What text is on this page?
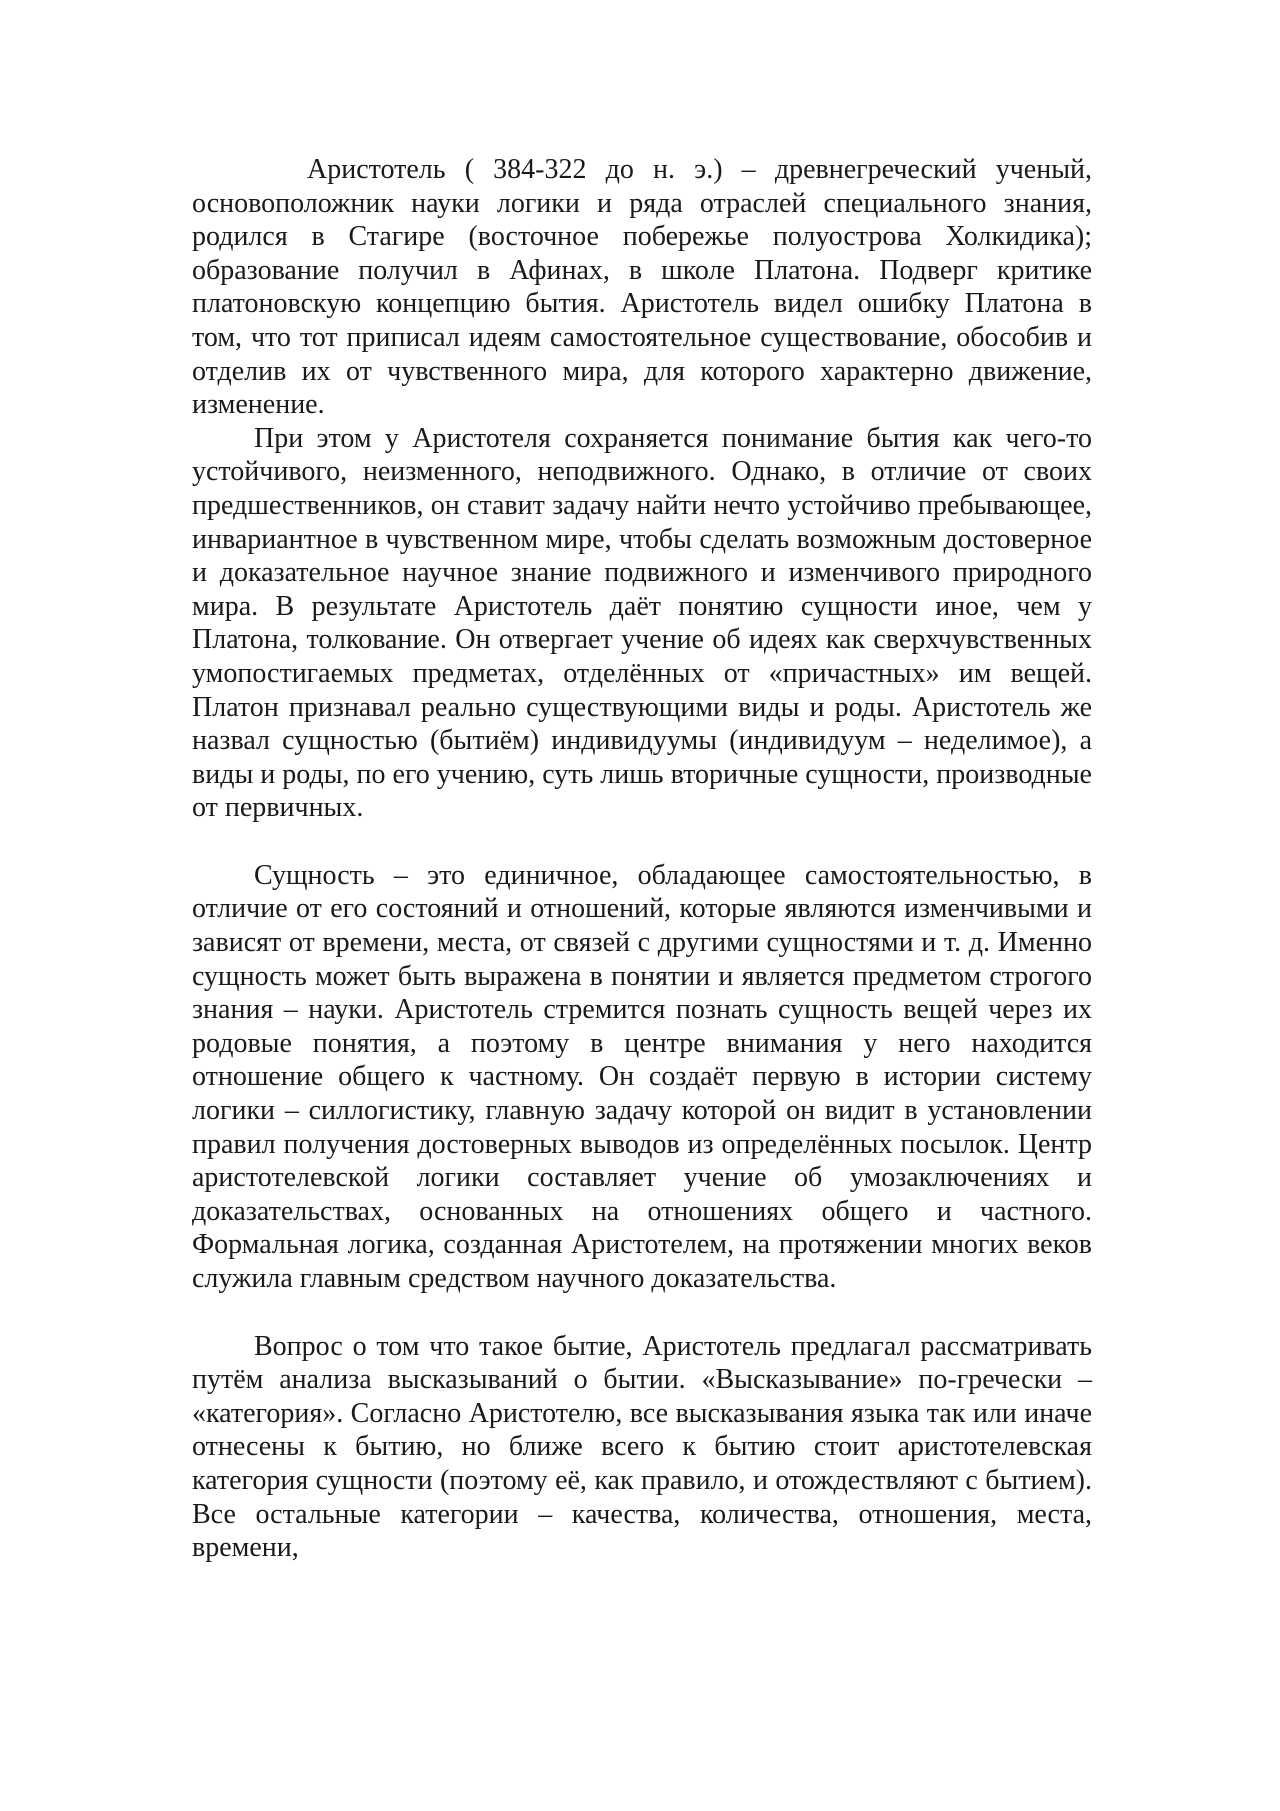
Аристотель ( 384-322 до н. э.) – древнегреческий ученый, основоположник науки логики и ряда отраслей специального знания, родился в Стагире (восточное побережье полуострова Холкидика); образование получил в Афинах, в школе Платона. Подверг критике платоновскую концепцию бытия. Аристотель видел ошибку Платона в том, что тот приписал идеям самостоятельное существование, обособив и отделив их от чувственного мира, для которого характерно движение, изменение.

При этом у Аристотеля сохраняется понимание бытия как чего-то устойчивого, неизменного, неподвижного. Однако, в отличие от своих предшественников, он ставит задачу найти нечто устойчиво пребывающее, инвариантное в чувственном мире, чтобы сделать возможным достоверное и доказательное научное знание подвижного и изменчивого природного мира. В результате Аристотель даёт понятию сущности иное, чем у Платона, толкование. Он отвергает учение об идеях как сверхчувственных умопостигаемых предметах, отделённых от «причастных» им вещей. Платон признавал реально существующими виды и роды. Аристотель же назвал сущностью (бытиём) индивидуумы (индивидуум – неделимое), а виды и роды, по его учению, суть лишь вторичные сущности, производные от первичных.

Сущность – это единичное, обладающее самостоятельностью, в отличие от его состояний и отношений, которые являются изменчивыми и зависят от времени, места, от связей с другими сущностями и т. д. Именно сущность может быть выражена в понятии и является предметом строгого знания – науки. Аристотель стремится познать сущность вещей через их родовые понятия, а поэтому в центре внимания у него находится отношение общего к частному. Он создаёт первую в истории систему логики – силлогистику, главную задачу которой он видит в установлении правил получения достоверных выводов из определённых посылок. Центр аристотелевской логики составляет учение об умозаключениях и доказательствах, основанных на отношениях общего и частного. Формальная логика, созданная Аристотелем, на протяжении многих веков служила главным средством научного доказательства.

Вопрос о том что такое бытие, Аристотель предлагал рассматривать путём анализа высказываний о бытии. «Высказывание» по-гречески – «категория». Согласно Аристотелю, все высказывания языка так или иначе отнесены к бытию, но ближе всего к бытию стоит аристотелевская категория сущности (поэтому её, как правило, и отождествляют с бытием). Все остальные категории – качества, количества, отношения, места, времени,
